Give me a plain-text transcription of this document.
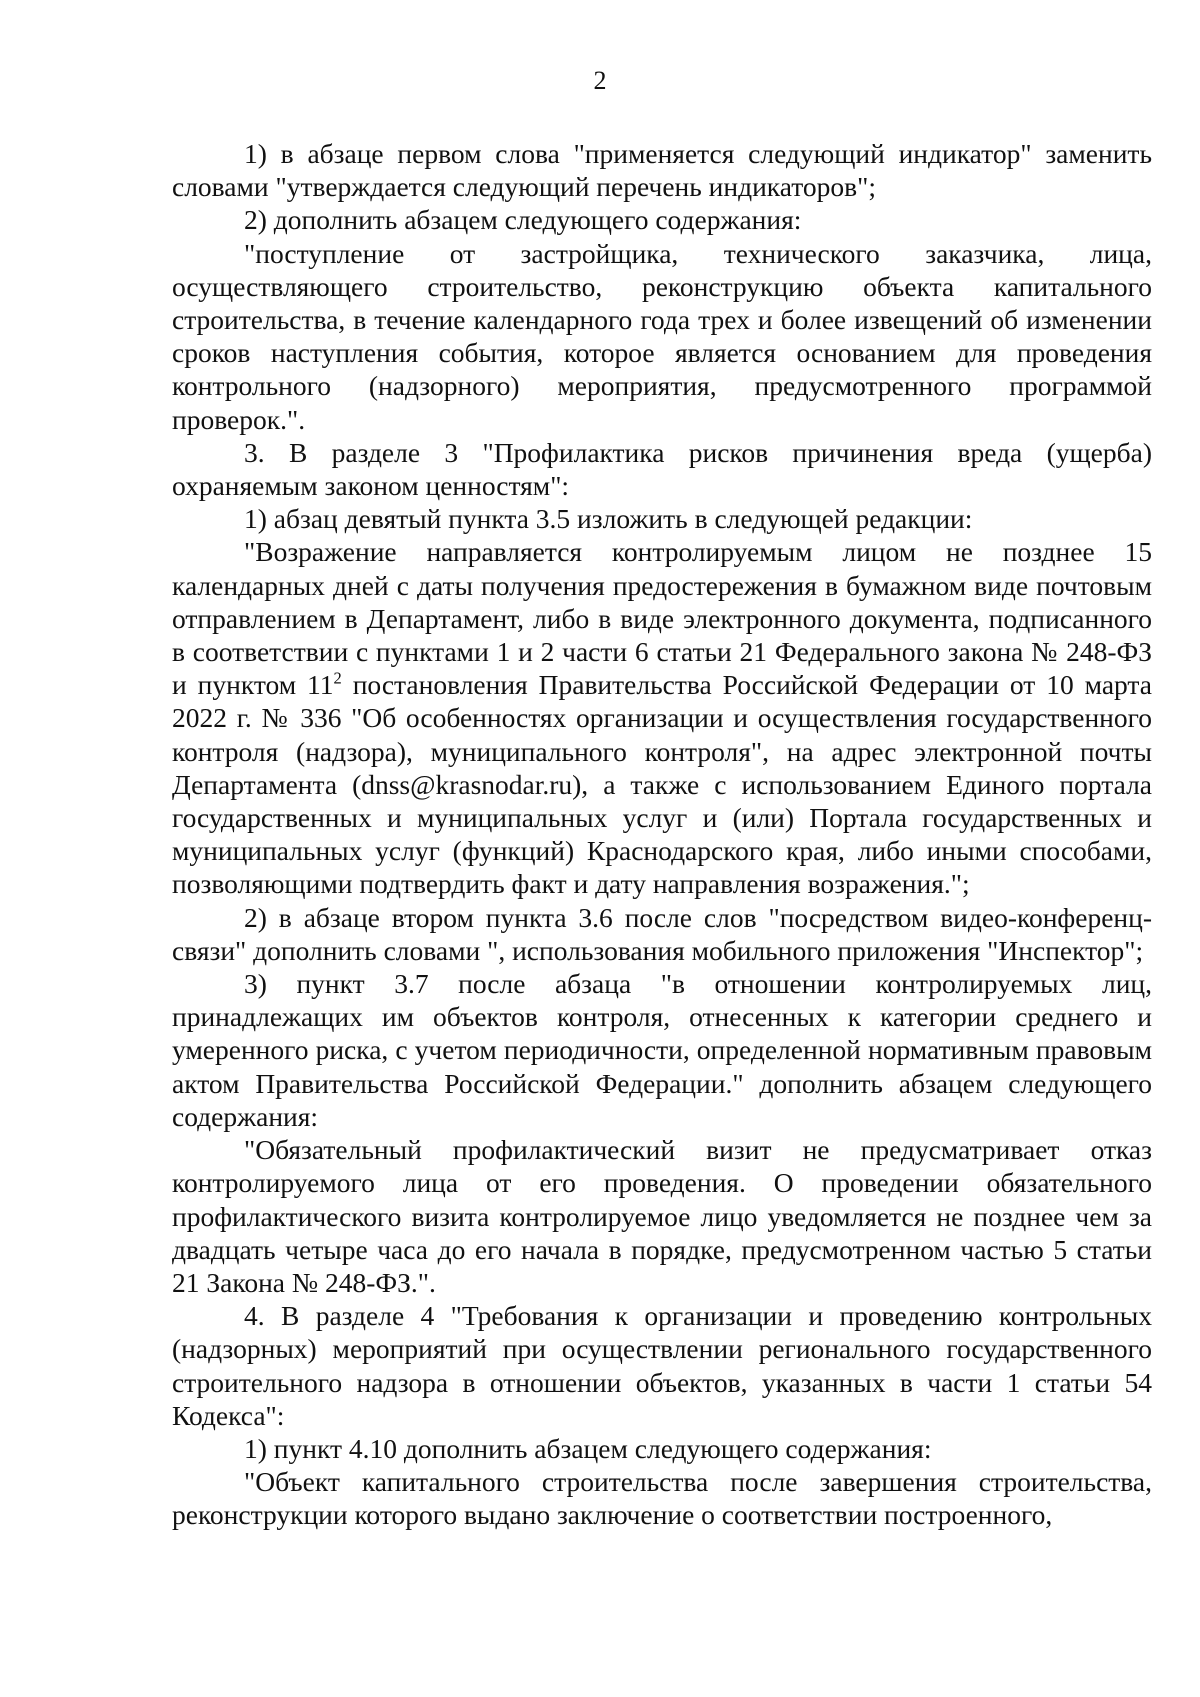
2

1) в абзаце первом слова "применяется следующий индикатор" заменить словами "утверждается следующий перечень индикаторов";

2) дополнить абзацем следующего содержания:

"поступление от застройщика, технического заказчика, лица, осуществляющего строительство, реконструкцию объекта капитального строительства, в течение календарного года трех и более извещений об изменении сроков наступления события, которое является основанием для проведения контрольного (надзорного) мероприятия, предусмотренного программой проверок.".

3. В разделе 3 "Профилактика рисков причинения вреда (ущерба) охраняемым законом ценностям":

1) абзац девятый пункта 3.5 изложить в следующей редакции:

"Возражение направляется контролируемым лицом не позднее 15 календарных дней с даты получения предостережения в бумажном виде почтовым отправлением в Департамент, либо в виде электронного документа, подписанного в соответствии с пунктами 1 и 2 части 6 статьи 21 Федерального закона № 248-ФЗ и пунктом $11^2$ постановления Правительства Российской Федерации от 10 марта 2022 г. № 336 "Об особенностях организации и осуществления государственного контроля (надзора), муниципального контроля", на адрес электронной почты Департамента (dnss@krasnodar.ru), а также с использованием Единого портала государственных и муниципальных услуг и (или) Портала государственных и муниципальных услуг (функций) Краснодарского края, либо иными способами, позволяющими подтвердить факт и дату направления возражения.";

2) в абзаце втором пункта 3.6 после слов "посредством видео-конференц-связи" дополнить словами ", использования мобильного приложения "Инспектор";

3) пункт 3.7 после абзаца "в отношении контролируемых лиц, принадлежащих им объектов контроля, отнесенных к категории среднего и умеренного риска, с учетом периодичности, определенной нормативным правовым актом Правительства Российской Федерации." дополнить абзацем следующего содержания:

"Обязательный профилактический визит не предусматривает отказ контролируемого лица от его проведения. О проведении обязательного профилактического визита контролируемое лицо уведомляется не позднее чем за двадцать четыре часа до его начала в порядке, предусмотренном частью 5 статьи 21 Закона № 248-ФЗ.".

4. В разделе 4 "Требования к организации и проведению контрольных (надзорных) мероприятий при осуществлении регионального государственного строительного надзора в отношении объектов, указанных в части 1 статьи 54 Кодекса":

1) пункт 4.10 дополнить абзацем следующего содержания:

"Объект капитального строительства после завершения строительства, реконструкции которого выдано заключение о соответствии построенного,
